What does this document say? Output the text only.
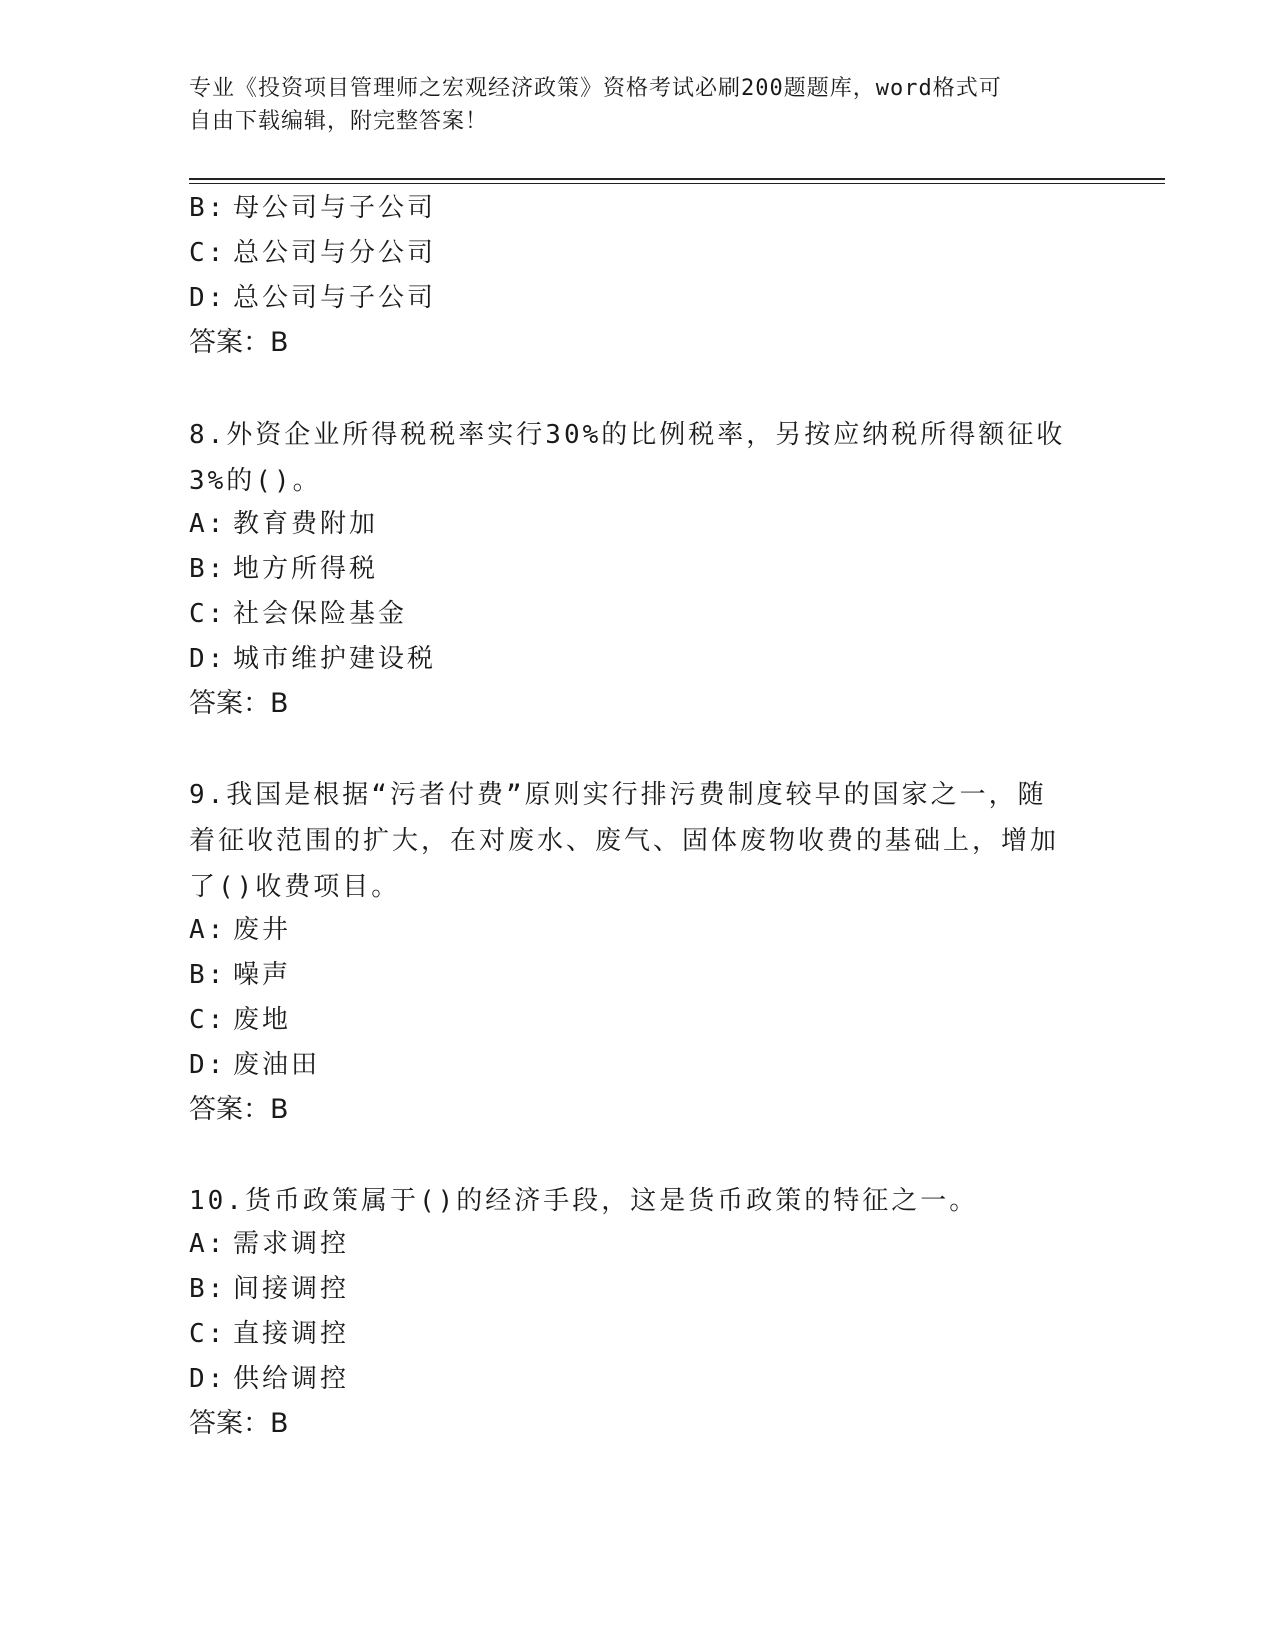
专业《投资项目管理师之宏观经济政策》资格考试必刷200题题库，word格式可
自由下载编辑，附完整答案！
B: 母公司与子公司
C: 总公司与分公司
D: 总公司与子公司
答案：B
8.外资企业所得税税率实行30%的比例税率，另按应纳税所得额征收3%的()。
A: 教育费附加
B: 地方所得税
C: 社会保险基金
D: 城市维护建设税
答案：B
9.我国是根据“污者付费”原则实行排污费制度较早的国家之一，随着征收范围的扩大，在对废水、废气、固体废物收费的基础上，增加了()收费项目。
A: 废井
B: 噪声
C: 废地
D: 废油田
答案：B
10.货币政策属于()的经济手段，这是货币政策的特征之一。
A: 需求调控
B: 间接调控
C: 直接调控
D: 供给调控
答案：B
